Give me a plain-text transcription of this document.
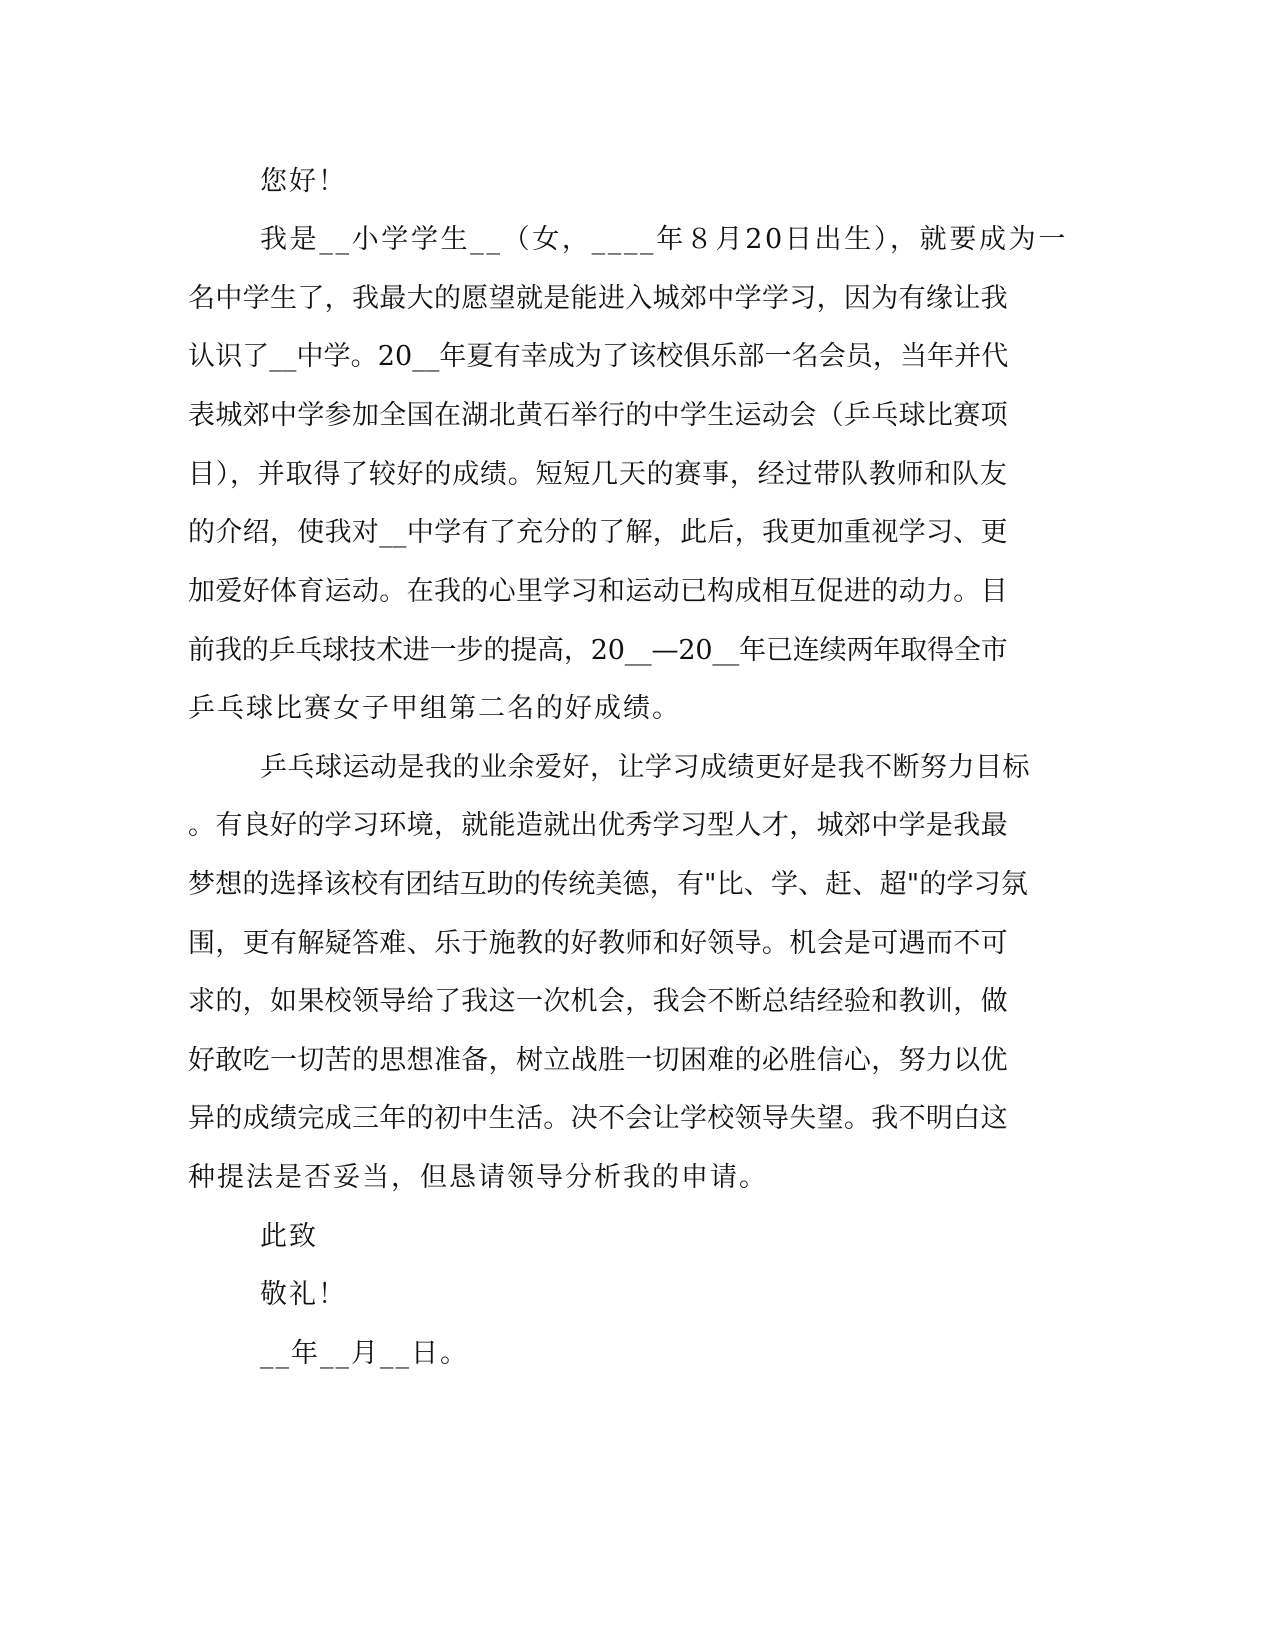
您好！

我是__小学学生__（女，____年８月20日出生），就要成为一

名中学生了，我最大的愿望就是能进入城郊中学学习，因为有缘让我

认识了__中学。20__年夏有幸成为了该校俱乐部一名会员，当年并代

表城郊中学参加全国在湖北黄石举行的中学生运动会（乒乓球比赛项

目），并取得了较好的成绩。短短几天的赛事，经过带队教师和队友

的介绍，使我对__中学有了充分的了解，此后，我更加重视学习、更

加爱好体育运动。在我的心里学习和运动已构成相互促进的动力。目

前我的乒乓球技术进一步的提高，20__—20__年已连续两年取得全市

乒乓球比赛女子甲组第二名的好成绩。

乒乓球运动是我的业余爱好，让学习成绩更好是我不断努力目标

。有良好的学习环境，就能造就出优秀学习型人才，城郊中学是我最

梦想的选择该校有团结互助的传统美德，有"比、学、赶、超"的学习氛

围，更有解疑答难、乐于施教的好教师和好领导。机会是可遇而不可

求的，如果校领导给了我这一次机会，我会不断总结经验和教训，做

好敢吃一切苦的思想准备，树立战胜一切困难的必胜信心，努力以优

异的成绩完成三年的初中生活。决不会让学校领导失望。我不明白这

种提法是否妥当，但恳请领导分析我的申请。

此致

敬礼！

__年__月__日。
